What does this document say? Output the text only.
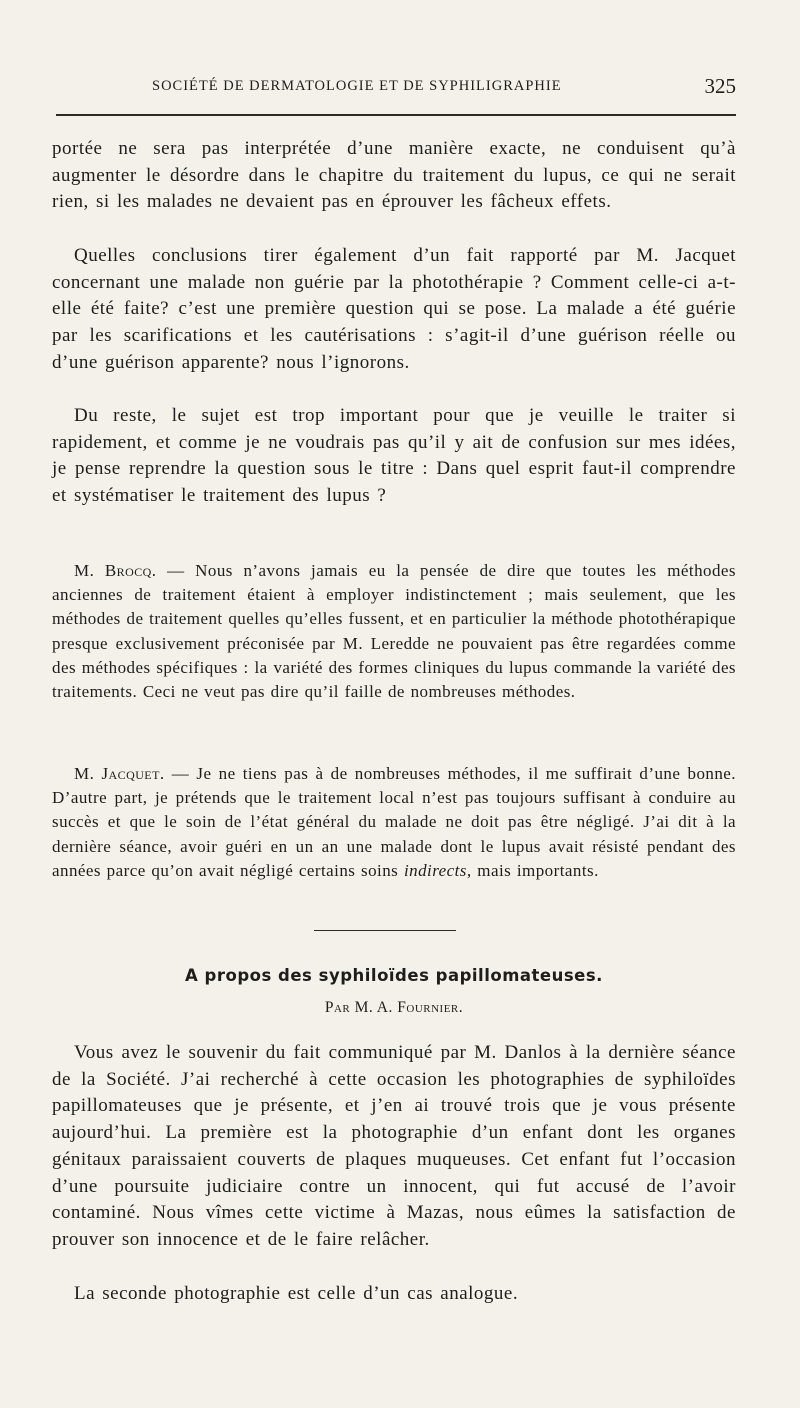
SOCIÉTÉ DE DERMATOLOGIE ET DE SYPHILIGRAPHIE	325

portée ne sera pas interprétée d’une manière exacte, ne conduisent qu’à augmenter le désordre dans le chapitre du traitement du lupus, ce qui ne serait rien, si les malades ne devaient pas en éprouver les fâcheux effets.

Quelles conclusions tirer également d’un fait rapporté par M. Jacquet concernant une malade non guérie par la photothérapie ? Comment celle-ci a-t-elle été faite? c’est une première question qui se pose. La malade a été guérie par les scarifications et les cautérisations : s’agit-il d’une guérison réelle ou d’une guérison apparente? nous l’ignorons.

Du reste, le sujet est trop important pour que je veuille le traiter si rapidement, et comme je ne voudrais pas qu’il y ait de confusion sur mes idées, je pense reprendre la question sous le titre : Dans quel esprit faut-il comprendre et systématiser le traitement des lupus ?

M. Brocq. — Nous n’avons jamais eu la pensée de dire que toutes les méthodes anciennes de traitement étaient à employer indistinctement ; mais seulement, que les méthodes de traitement quelles qu’elles fussent, et en particulier la méthode photothérapique presque exclusivement préconisée par M. Leredde ne pouvaient pas être regardées comme des méthodes spécifiques : la variété des formes cliniques du lupus commande la variété des traitements. Ceci ne veut pas dire qu’il faille de nombreuses méthodes.

M. Jacquet. — Je ne tiens pas à de nombreuses méthodes, il me suffirait d’une bonne. D’autre part, je prétends que le traitement local n’est pas toujours suffisant à conduire au succès et que le soin de l’état général du malade ne doit pas être négligé. J’ai dit à la dernière séance, avoir guéri en un an une malade dont le lupus avait résisté pendant des années parce qu’on avait négligé certains soins indirects, mais importants.

A propos des syphiloïdes papillomateuses.
Par M. A. Fournier.

Vous avez le souvenir du fait communiqué par M. Danlos à la dernière séance de la Société. J’ai recherché à cette occasion les photographies de syphiloïdes papillomateuses que je présente, et j’en ai trouvé trois que je vous présente aujourd’hui. La première est la photographie d’un enfant dont les organes génitaux paraissaient couverts de plaques muqueuses. Cet enfant fut l’occasion d’une poursuite judiciaire contre un innocent, qui fut accusé de l’avoir contaminé. Nous vîmes cette victime à Mazas, nous eûmes la satisfaction de prouver son innocence et de le faire relâcher.

La seconde photographie est celle d’un cas analogue.
